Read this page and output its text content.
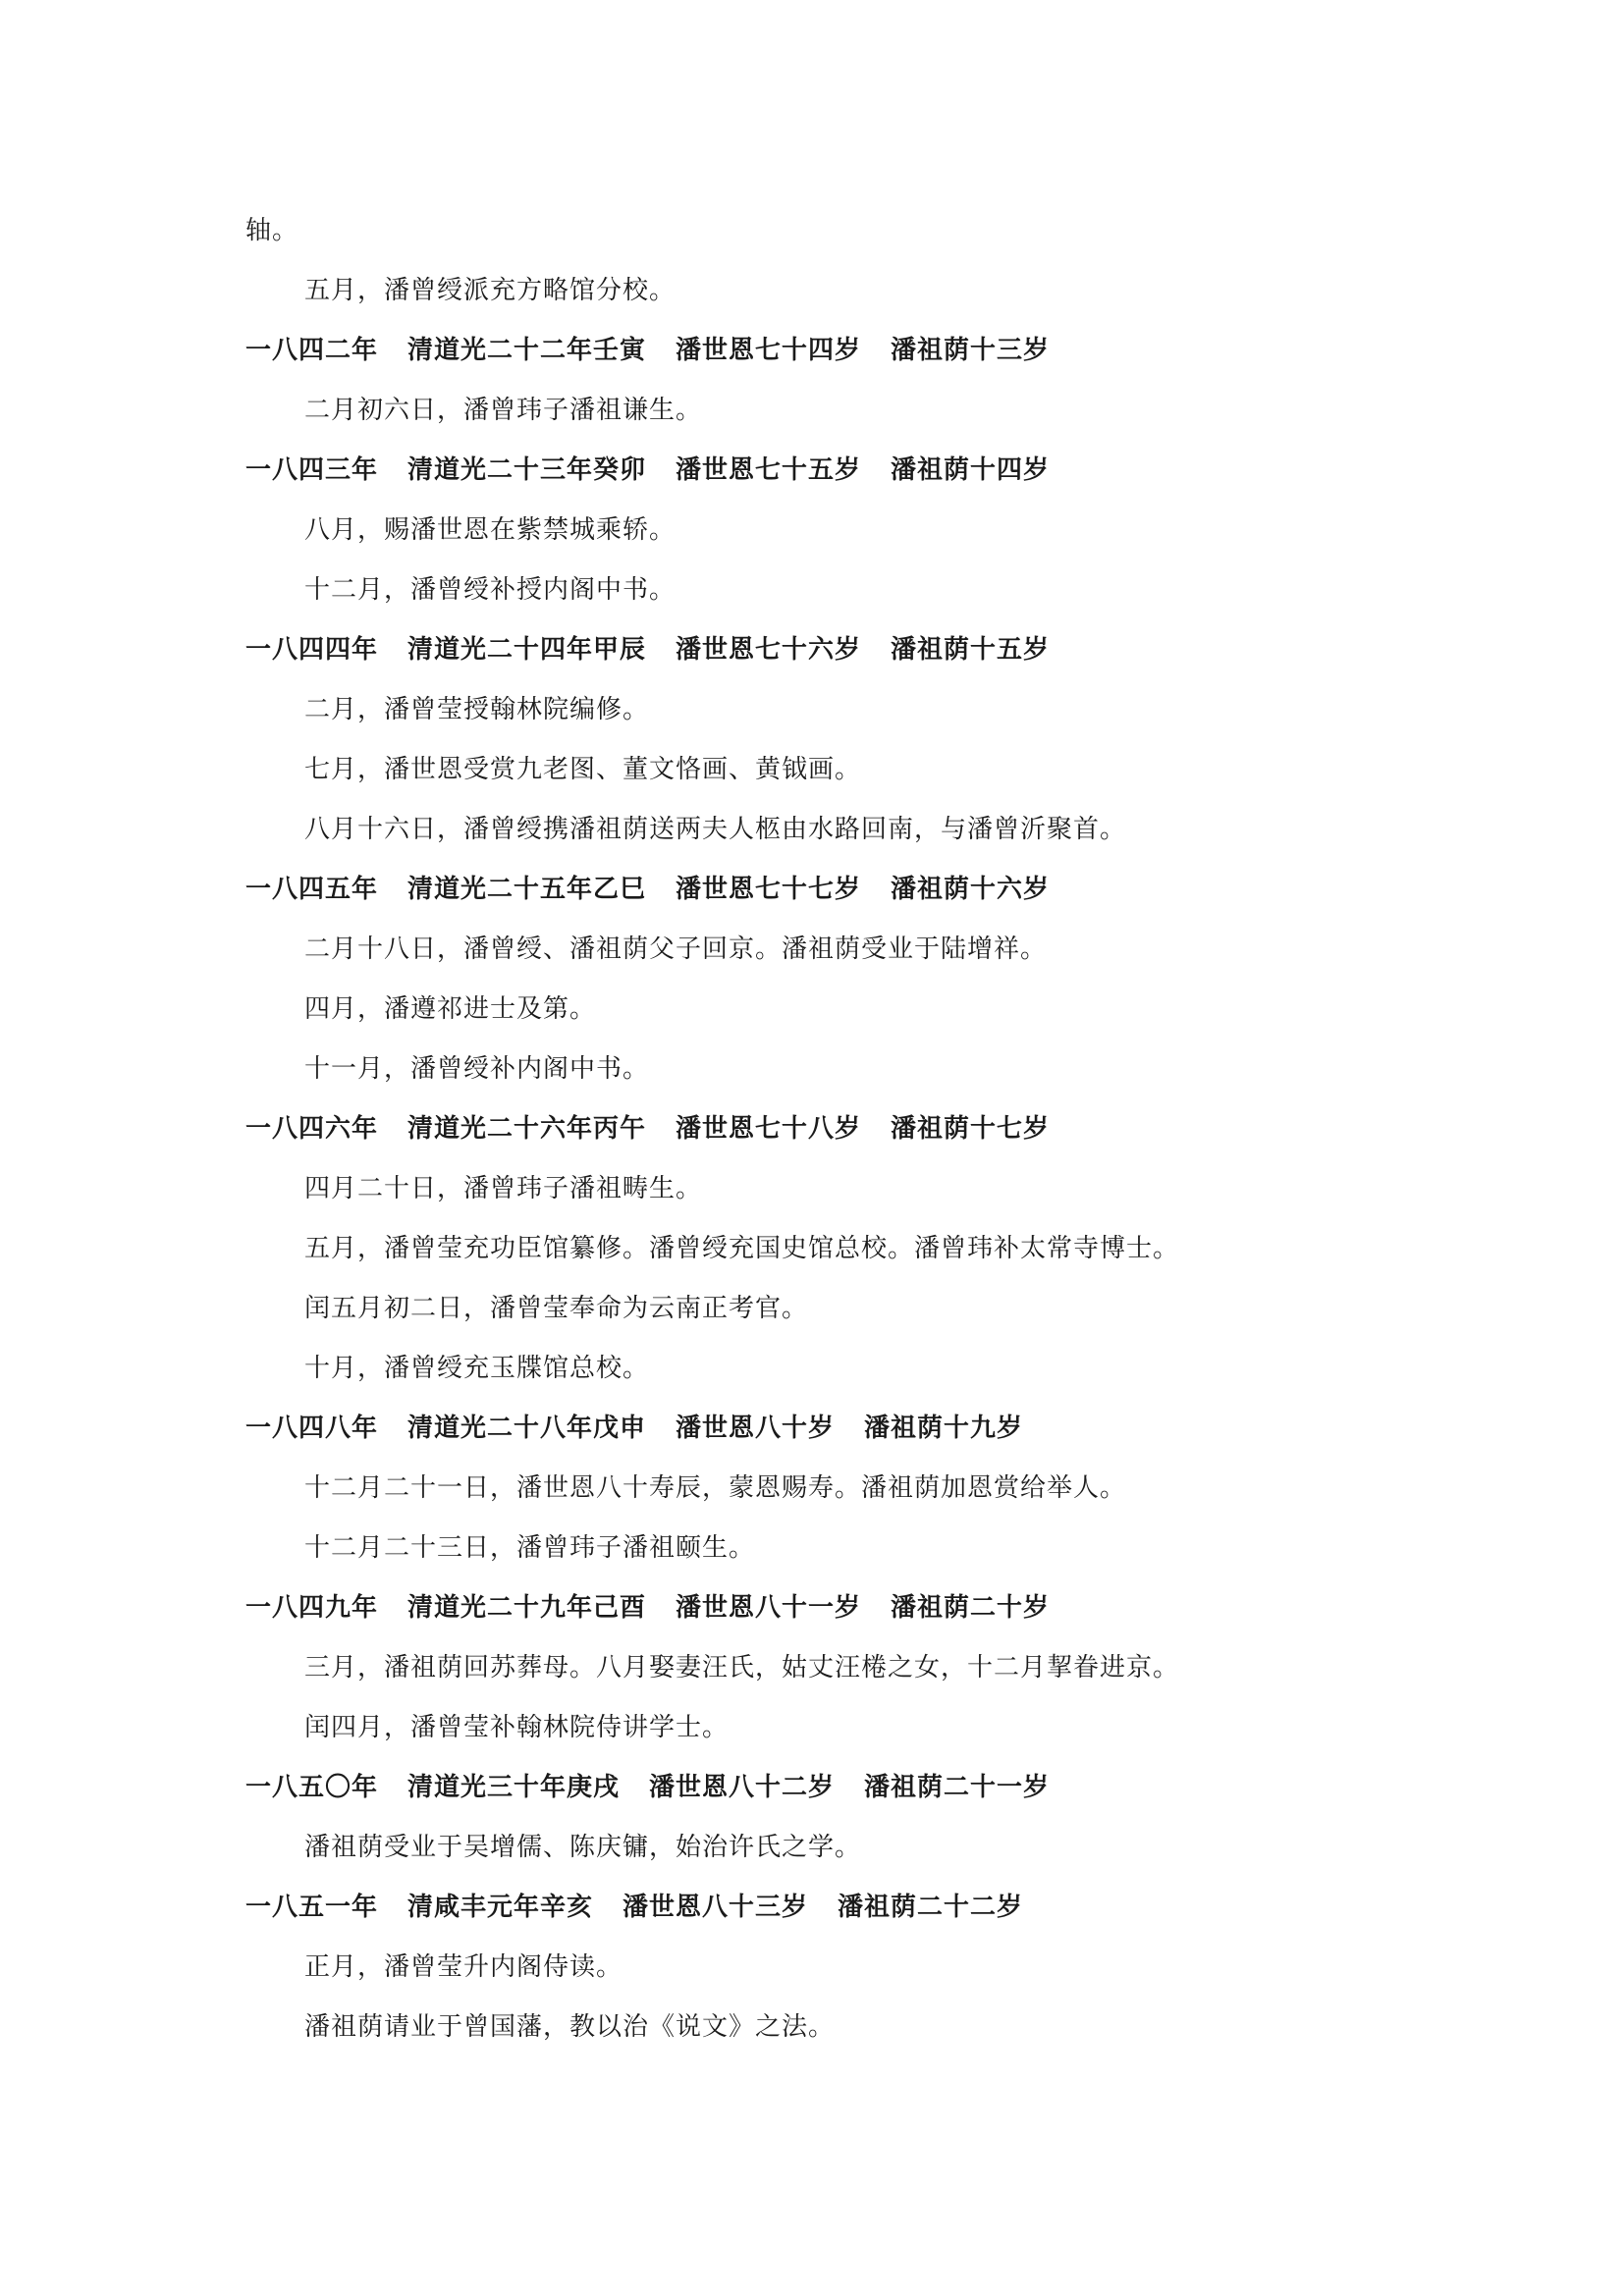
轴。
五月，潘曾绶派充方略馆分校。
一八四二年 清道光二十二年壬寅 潘世恩七十四岁 潘祖荫十三岁
二月初六日，潘曾玮子潘祖谦生。
一八四三年 清道光二十三年癸卯 潘世恩七十五岁 潘祖荫十四岁
八月，赐潘世恩在紫禁城乘轿。
十二月，潘曾绶补授内阁中书。
一八四四年 清道光二十四年甲辰 潘世恩七十六岁 潘祖荫十五岁
二月，潘曾莹授翰林院编修。
七月，潘世恩受赏九老图、董文恪画、黄钺画。
八月十六日，潘曾绶携潘祖荫送两夫人柩由水路回南，与潘曾沂聚首。
一八四五年 清道光二十五年乙巳 潘世恩七十七岁 潘祖荫十六岁
二月十八日，潘曾绶、潘祖荫父子回京。潘祖荫受业于陆增祥。
四月，潘遵祁进士及第。
十一月，潘曾绶补内阁中书。
一八四六年 清道光二十六年丙午 潘世恩七十八岁 潘祖荫十七岁
四月二十日，潘曾玮子潘祖畴生。
五月，潘曾莹充功臣馆纂修。潘曾绶充国史馆总校。潘曾玮补太常寺博士。
闰五月初二日，潘曾莹奉命为云南正考官。
十月，潘曾绶充玉牒馆总校。
一八四八年 清道光二十八年戊申 潘世恩八十岁 潘祖荫十九岁
十二月二十一日，潘世恩八十寿辰，蒙恩赐寿。潘祖荫加恩赏给举人。
十二月二十三日，潘曾玮子潘祖颐生。
一八四九年 清道光二十九年己酉 潘世恩八十一岁 潘祖荫二十岁
三月，潘祖荫回苏葬母。八月娶妻汪氏，姑丈汪棬之女，十二月挈眷进京。
闰四月，潘曾莹补翰林院侍讲学士。
一八五〇年 清道光三十年庚戌 潘世恩八十二岁 潘祖荫二十一岁
潘祖荫受业于吴增儒、陈庆镛，始治许氏之学。
一八五一年 清咸丰元年辛亥 潘世恩八十三岁 潘祖荫二十二岁
正月，潘曾莹升内阁侍读。
潘祖荫请业于曾国藩，教以治《说文》之法。
